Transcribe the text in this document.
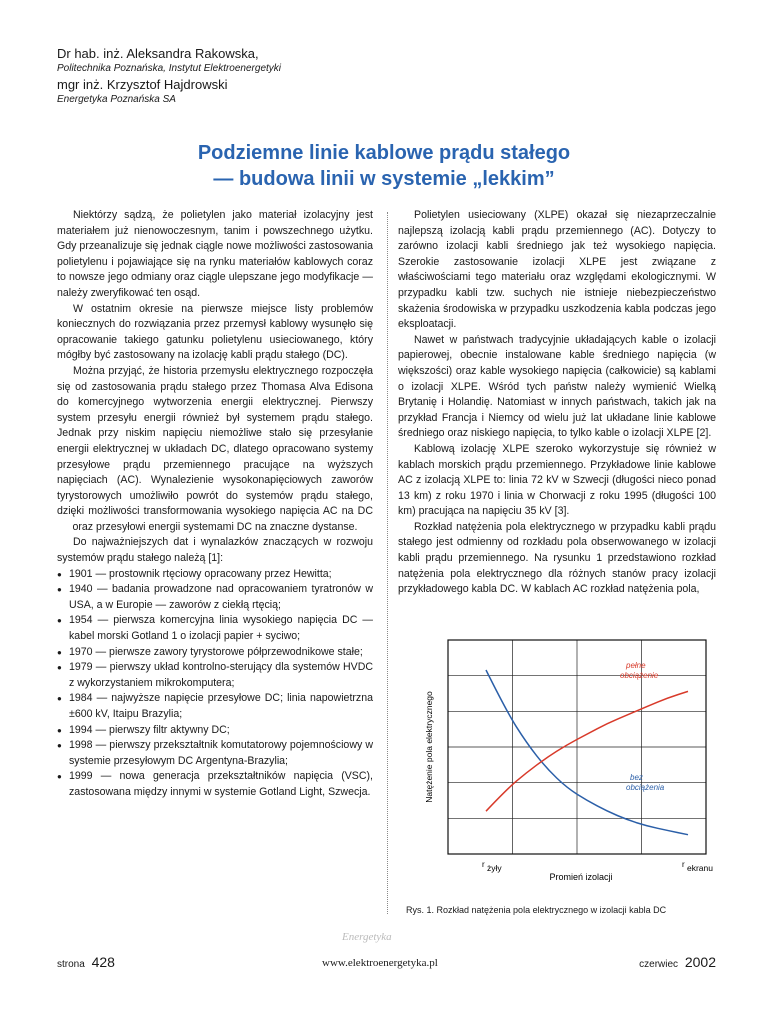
Dr hab. inż. Aleksandra Rakowska,

Politechnika Poznańska, Instytut Elektroenergetyki

mgr inż. Krzysztof Hajdrowski

Energetyka Poznańska SA

Podziemne linie kablowe prądu stałego
— budowa linii w systemie „lekkim”

Niektórzy sądzą, że polietylen jako materiał izolacyjny jest materiałem już nienowoczesnym, tanim i powszechnego użytku. Gdy przeanalizuje się jednak ciągle nowe możliwości zastosowania polietylenu i pojawiające się na rynku materiałów kablowych coraz to nowsze jego odmiany oraz ciągle ulepszane jego modyfikacje — należy zweryfikować ten osąd.

W ostatnim okresie na pierwsze miejsce listy problemów koniecznych do rozwiązania przez przemysł kablowy wysunęło się opracowanie takiego gatunku polietylenu usieciowanego, który mógłby być zastosowany na izolację kabli prądu stałego (DC).

Można przyjąć, że historia przemysłu elektrycznego rozpoczęła się od zastosowania prądu stałego przez Thomasa Alva Edisona do komercyjnego wytworzenia energii elektrycznej. Pierwszy system przesyłu energii również był systemem prądu stałego. Jednak przy niskim napięciu niemożliwe stało się przesyłanie energii elektrycznej w układach DC, dlatego opracowano systemy przesyłowe prądu przemiennego pracujące na wyższych napięciach (AC). Wynalezienie wysokonapięciowych zaworów tyrystorowych umożliwiło powrót do systemów prądu stałego, dzięki możliwości transformowania wysokiego napięcia AC na DC oraz przesyłowi energii systemami DC na znaczne dystanse.

Do najważniejszych dat i wynalazków znaczących w rozwoju systemów prądu stałego należą [1]:

● 1901 — prostownik rtęciowy opracowany przez Hewitta;
● 1940 — badania prowadzone nad opracowaniem tyratronów w USA, a w Europie — zaworów z ciekłą rtęcią;
● 1954 — pierwsza komercyjna linia wysokiego napięcia DC — kabel morski Gotland 1 o izolacji papier + syciwo;
● 1970 — pierwsze zawory tyrystorowe półprzewodnikowe stałe;
● 1979 — pierwszy układ kontrolno-sterujący dla systemów HVDC z wykorzystaniem mikrokomputera;
● 1984 — najwyższe napięcie przesyłowe DC; linia napowietrzna ±600 kV, Itaipu Brazylia;
● 1994 — pierwszy filtr aktywny DC;
● 1998 — pierwszy przekształtnik komutatorowy pojemnościowy w systemie przesyłowym DC Argentyna-Brazylia;
● 1999 — nowa generacja przekształtników napięcia (VSC), zastosowana między innymi w systemie Gotland Light, Szwecja.

Polietylen usieciowany (XLPE) okazał się niezaprzeczalnie najlepszą izolacją kabli prądu przemiennego (AC). Dotyczy to zarówno izolacji kabli średniego jak też wysokiego napięcia. Szerokie zastosowanie izolacji XLPE jest związane z właściwościami tego materiału oraz względami ekologicznymi. W przypadku kabli tzw. suchych nie istnieje niebezpieczeństwo skażenia środowiska w przypadku uszkodzenia kabla podczas jego eksploatacji.

Nawet w państwach tradycyjnie układających kable o izolacji papierowej, obecnie instalowane kable średniego napięcia (w większości) oraz kable wysokiego napięcia (całkowicie) są kablami o izolacji XLPE. Wśród tych państw należy wymienić Wielką Brytanię i Holandię. Natomiast w innych państwach, takich jak na przykład Francja i Niemcy od wielu już lat układane linie kablowe średniego oraz niskiego napięcia, to tylko kable o izolacji XLPE [2].

Kablową izolację XLPE szeroko wykorzystuje się również w kablach morskich prądu przemiennego. Przykładowe linie kablowe AC z izolacją XLPE to: linia 72 kV w Szwecji (długości nieco ponad 13 km) z roku 1970 i linia w Chorwacji z roku 1995 (długości 100 km) pracująca na napięciu 35 kV [3].

Rozkład natężenia pola elektrycznego w przypadku kabli prądu stałego jest odmienny od rozkładu pola obserwowanego w izolacji kabli prądu przemiennego. Na rysunku 1 przedstawiono rozkład natężenia pola elektrycznego dla różnych stanów pracy izolacji przykładowego kabla DC. W kablach AC rozkład natężenia pola,

Natężenie pola elektrycznego
Promień izolacji
pełne
obciążenie
bez
obciążenia
r żyły	r ekranu

Rys. 1. Rozkład natężenia pola elektrycznego w izolacji kabla DC

Energetyka
strona 428	www.elektroenergetyka.pl	czerwiec 2002
